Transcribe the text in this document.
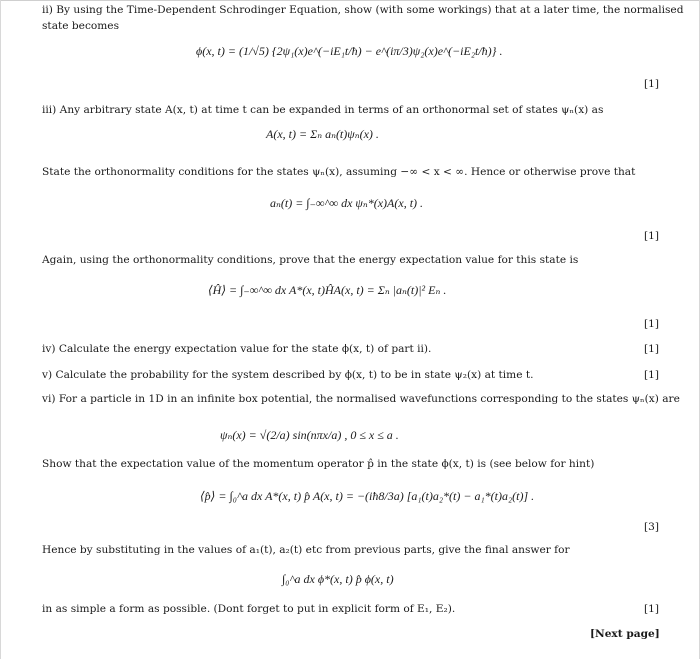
ii) By using the Time-Dependent Schrodinger Equation, show (with some workings) that at a later time, the normalised
state becomes
ϕ(x, t) = (1/√5) {2ψ₁(x)e^(−iE₁t/ħ) − e^(iπ/3)ψ₂(x)e^(−iE₂t/ħ)} .
[1]
iii) Any arbitrary state A(x, t) at time t can be expanded in terms of an orthonormal set of states ψₙ(x) as
A(x, t) = Σₙ aₙ(t)ψₙ(x) .
State the orthonormality conditions for the states ψₙ(x), assuming −∞ < x < ∞. Hence or otherwise prove that
aₙ(t) = ∫₋∞^∞ dx ψₙ*(x)A(x, t) .
[1]
Again, using the orthonormality conditions, prove that the energy expectation value for this state is
⟨Ĥ⟩ = ∫₋∞^∞ dx A*(x, t)ĤA(x, t) = Σₙ |aₙ(t)|² Eₙ .
[1]
iv) Calculate the energy expectation value for the state ϕ(x, t) of part ii).	[1]
v) Calculate the probability for the system described by ϕ(x, t) to be in state ψ₂(x) at time t.	[1]
vi) For a particle in 1D in an infinite box potential, the normalised wavefunctions corresponding to the states ψₙ(x) are
ψₙ(x) = √(2/a) sin(nπx/a) , 0 ≤ x ≤ a .
Show that the expectation value of the momentum operator p̂ in the state ϕ(x, t) is (see below for hint)
⟨p̂⟩ = ∫₀^a dx A*(x, t) p̂ A(x, t) = −(iħ8/3a) [a₁(t)a₂*(t) − a₁*(t)a₂(t)] .
[3]
Hence by substituting in the values of a₁(t), a₂(t) etc from previous parts, give the final answer for
∫₀^a dx ϕ*(x, t) p̂ ϕ(x, t)
in as simple a form as possible. (Dont forget to put in explicit form of E₁, E₂).	[1]
[Next page]
